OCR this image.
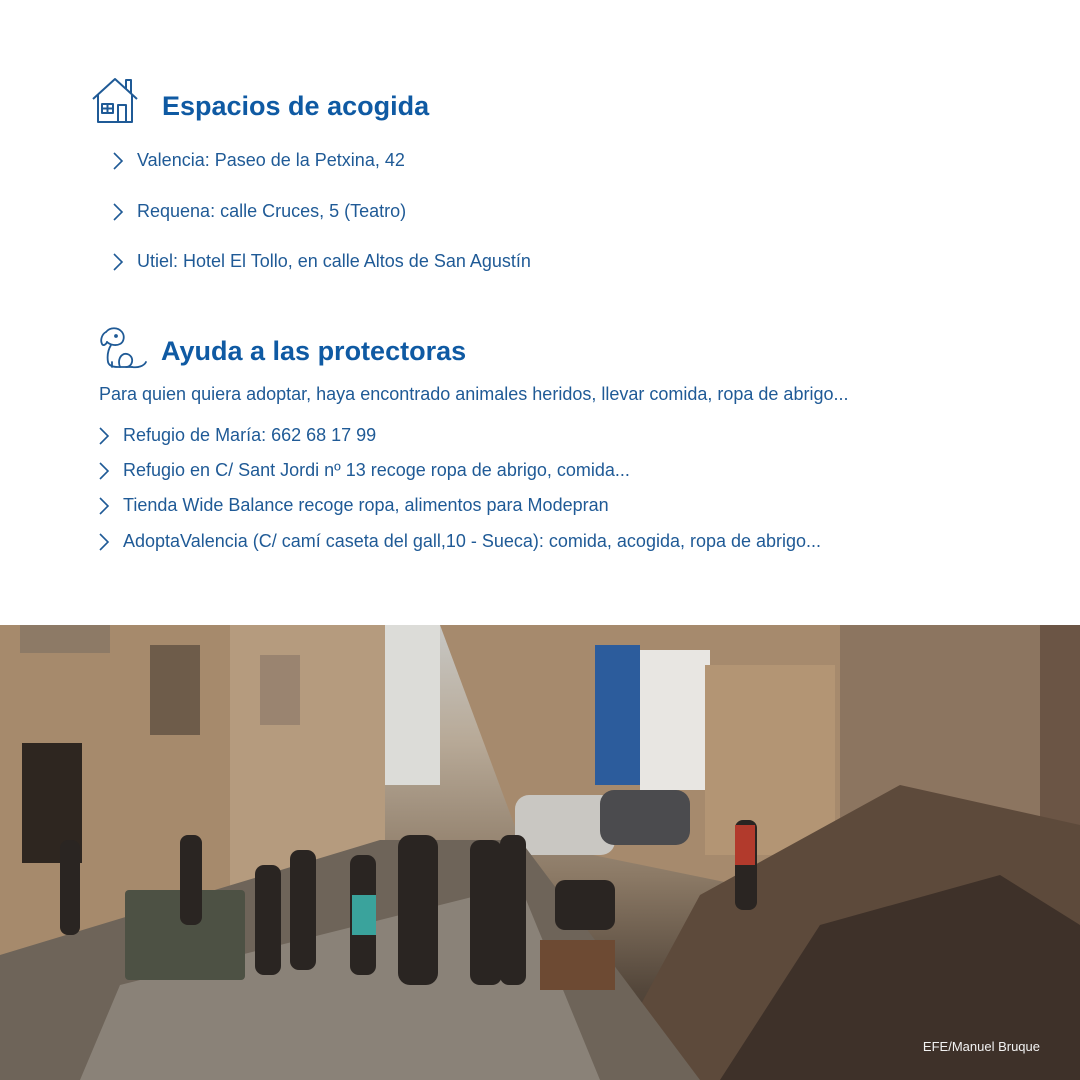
Espacios de acogida
Valencia: Paseo de la Petxina, 42
Requena: calle Cruces, 5 (Teatro)
Utiel: Hotel El Tollo, en calle Altos de San Agustín
Ayuda a las protectoras

Para quien quiera adoptar, haya encontrado animales heridos, llevar comida, ropa de abrigo...

Refugio de María: 662 68 17 99
Refugio en C/ Sant Jordi nº 13 recoge ropa de abrigo, comida...
Tienda Wide Balance recoge ropa, alimentos para Modepran
AdoptaValencia (C/ camí caseta del gall,10 - Sueca): comida, acogida, ropa de abrigo...

EFE/Manuel Bruque
